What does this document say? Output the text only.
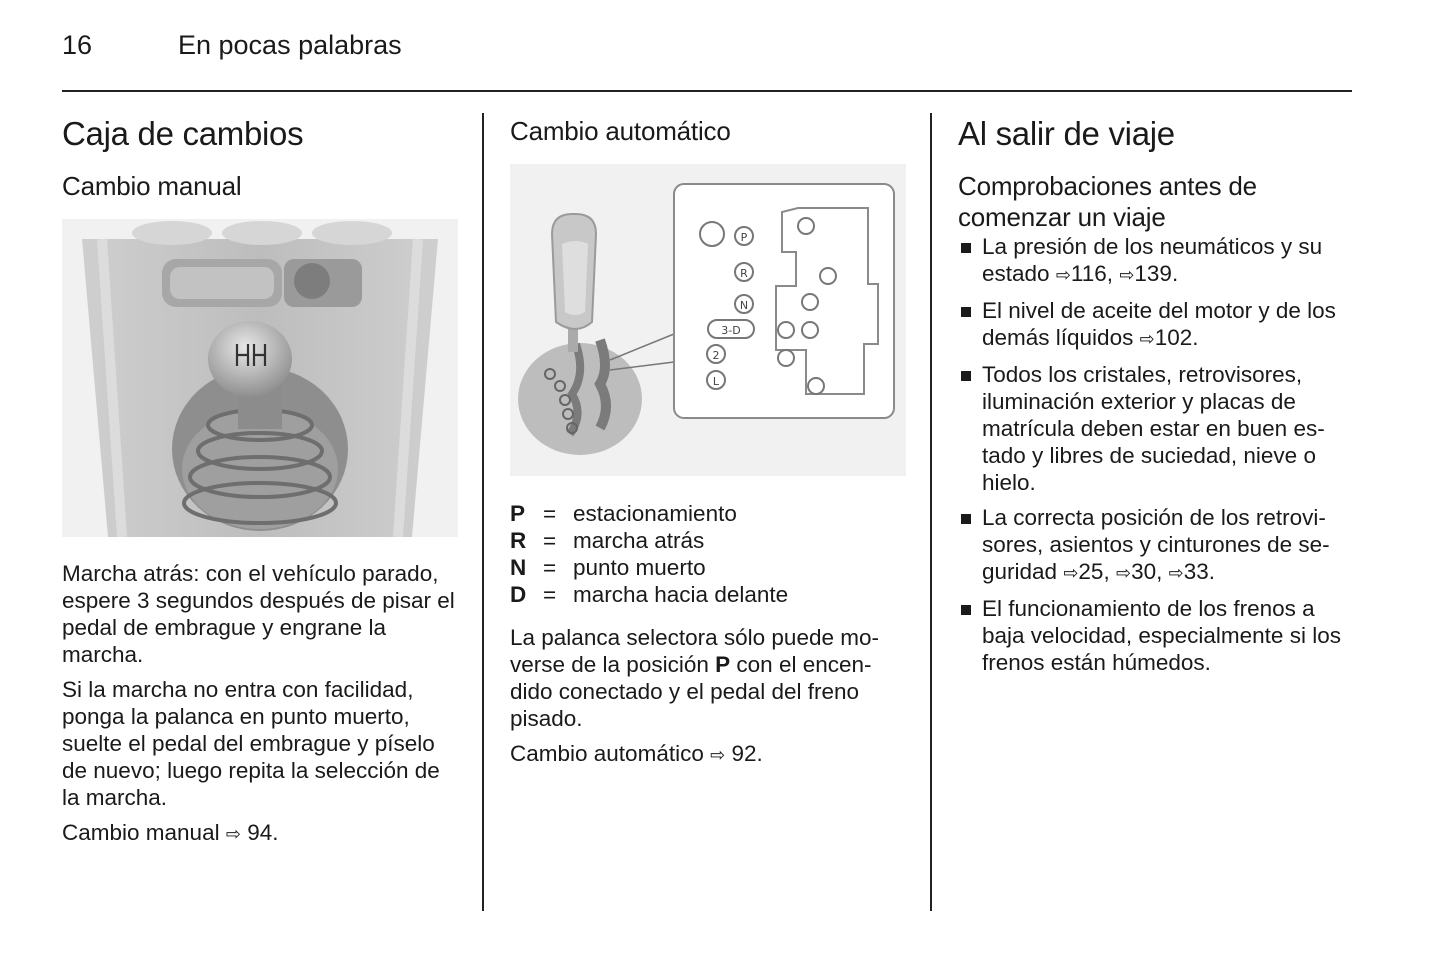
16	En pocas palabras
Caja de cambios
Cambio manual

Marcha atrás: con el vehículo parado, espere 3 segundos después de pisar el pedal de embrague y engrane la marcha.

Si la marcha no entra con facilidad, ponga la palanca en punto muerto, suelte el pedal del embrague y píselo de nuevo; luego repita la selección de la marcha.

Cambio manual ⇨ 94.

Cambio automático
P
R
N
3-D
2
L
P = estacionamiento
R = marcha atrás
N = punto muerto
D = marcha hacia delante

La palanca selectora sólo puede mo- verse de la posición P con el encen- dido conectado y el pedal del freno pisado.

Cambio automático ⇨ 92.

Al salir de viaje
Comprobaciones antes de comenzar un viaje
La presión de los neumáticos y su estado ⇨116, ⇨139.
El nivel de aceite del motor y de los demás líquidos ⇨102.
Todos los cristales, retrovisores, iluminación exterior y placas de matrícula deben estar en buen es- tado y libres de suciedad, nieve o hielo.
La correcta posición de los retrovi- sores, asientos y cinturones de se- guridad ⇨25, ⇨30, ⇨33.
El funcionamiento de los frenos a baja velocidad, especialmente si los frenos están húmedos.
